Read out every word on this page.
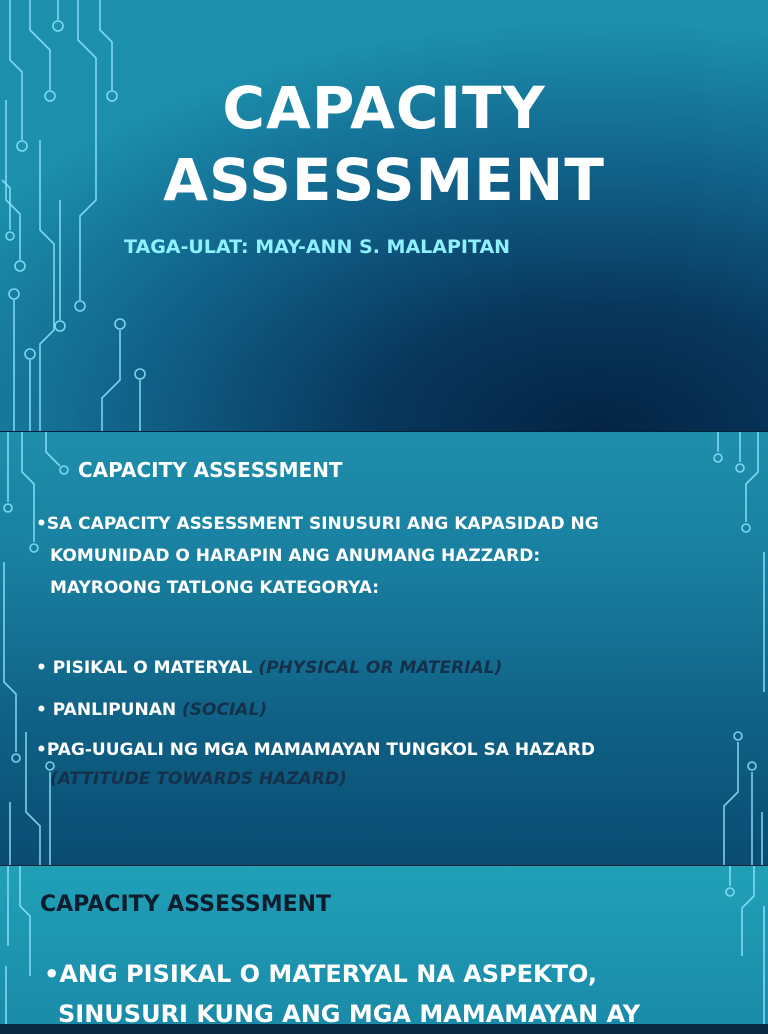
CAPACITY
ASSESSMENT
TAGA-ULAT: MAY-ANN S. MALAPITAN
CAPACITY ASSESSMENT
•SA CAPACITY ASSESSMENT SINUSURI ANG KAPASIDAD NG
KOMUNIDAD O HARAPIN ANG ANUMANG HAZZARD:
MAYROONG TATLONG KATEGORYA:
• PISIKAL O MATERYAL (PHYSICAL OR MATERIAL)
• PANLIPUNAN (SOCIAL)
•PAG-UUGALI NG MGA MAMAMAYAN TUNGKOL SA HAZARD
(ATTITUDE TOWARDS HAZARD)
CAPACITY ASSESSMENT
•ANG PISIKAL O MATERYAL NA ASPEKTO,
SINUSURI KUNG ANG MGA MAMAMAYAN AY
